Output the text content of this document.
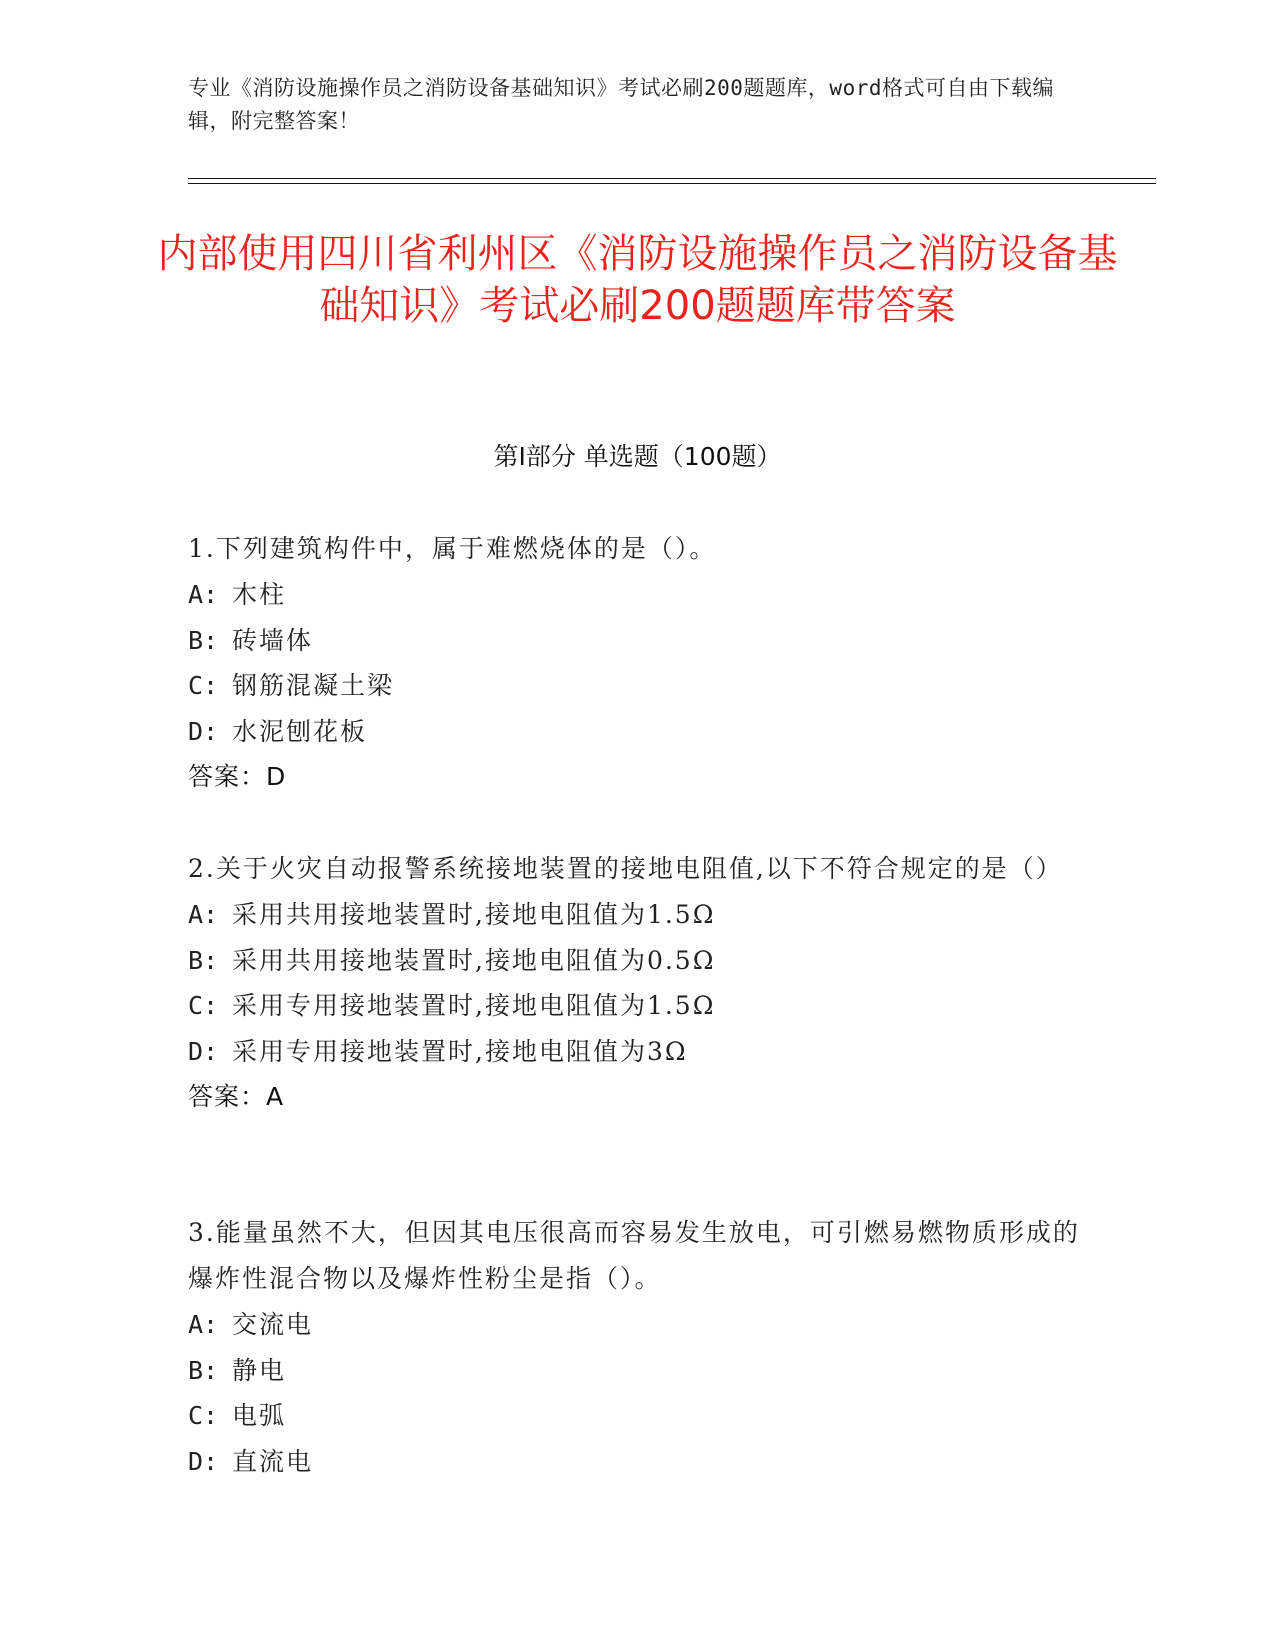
专业《消防设施操作员之消防设备基础知识》考试必刷200题题库，word格式可自由下载编辑，附完整答案！
内部使用四川省利州区《消防设施操作员之消防设备基础知识》考试必刷200题题库带答案
第I部分 单选题（100题）

1.下列建筑构件中，属于难燃烧体的是（）。

A: 木柱

B: 砖墙体

C: 钢筋混凝土梁

D: 水泥刨花板

答案：D

2.关于火灾自动报警系统接地装置的接地电阻值,以下不符合规定的是（）

A: 采用共用接地装置时,接地电阻值为1.5Ω

B: 采用共用接地装置时,接地电阻值为0.5Ω

C: 采用专用接地装置时,接地电阻值为1.5Ω

D: 采用专用接地装置时,接地电阻值为3Ω

答案：A

3.能量虽然不大，但因其电压很高而容易发生放电，可引燃易燃物质形成的爆炸性混合物以及爆炸性粉尘是指（）。

A: 交流电

B: 静电

C: 电弧

D: 直流电
